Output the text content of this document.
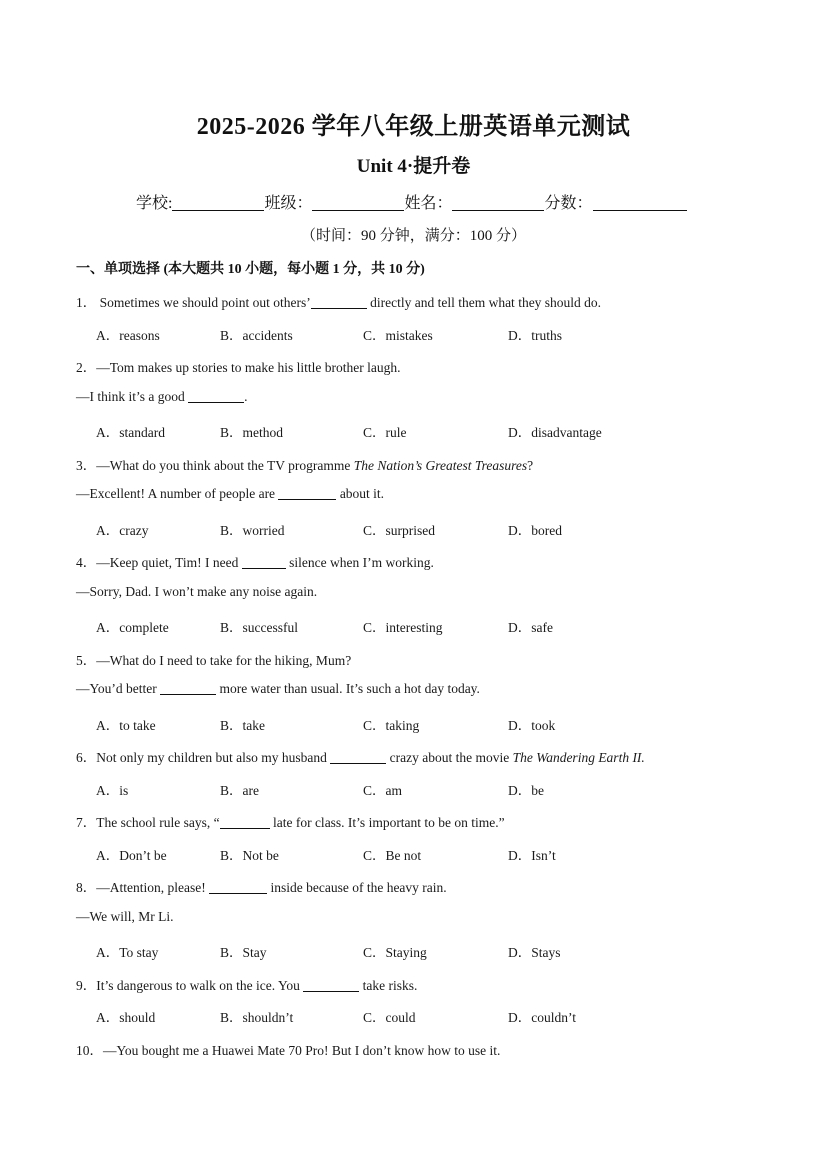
2025-2026 学年八年级上册英语单元测试
Unit 4·提升卷
学校:	班级：	姓名：	分数：
（时间：90 分钟，满分：100 分）
一、单项选择 (本大题共 10 小题，每小题 1 分，共 10 分)
1． Sometimes we should point out others’	directly and tell them what they should do.
A．reasons	B．accidents	C．mistakes	D．truths
2．—Tom makes up stories to make his little brother laugh.
—I think it’s a good	.
A．standard	B．method	C．rule	D．disadvantage
3．—What do you think about the TV programme The Nation’s Greatest Treasures?
—Excellent! A number of people are	about it.
A．crazy	B．worried	C．surprised	D．bored
4．—Keep quiet, Tim! I need	silence when I’m working.
—Sorry, Dad. I won’t make any noise again.
A．complete	B．successful	C．interesting	D．safe
5．—What do I need to take for the hiking, Mum?
—You’d better	more water than usual. It’s such a hot day today.
A．to take	B．take	C．taking	D．took
6．Not only my children but also my husband	crazy about the movie The Wandering Earth II.
A．is	B．are	C．am	D．be
7．The school rule says, “	late for class. It’s important to be on time.”
A．Don’t be	B．Not be	C．Be not	D．Isn’t
8．—Attention, please!	inside because of the heavy rain.
—We will, Mr Li.
A．To stay	B．Stay	C．Staying	D．Stays
9．It’s dangerous to walk on the ice. You	take risks.
A．should	B．shouldn’t	C．could	D．couldn’t
10．—You bought me a Huawei Mate 70 Pro! But I don’t know how to use it.
